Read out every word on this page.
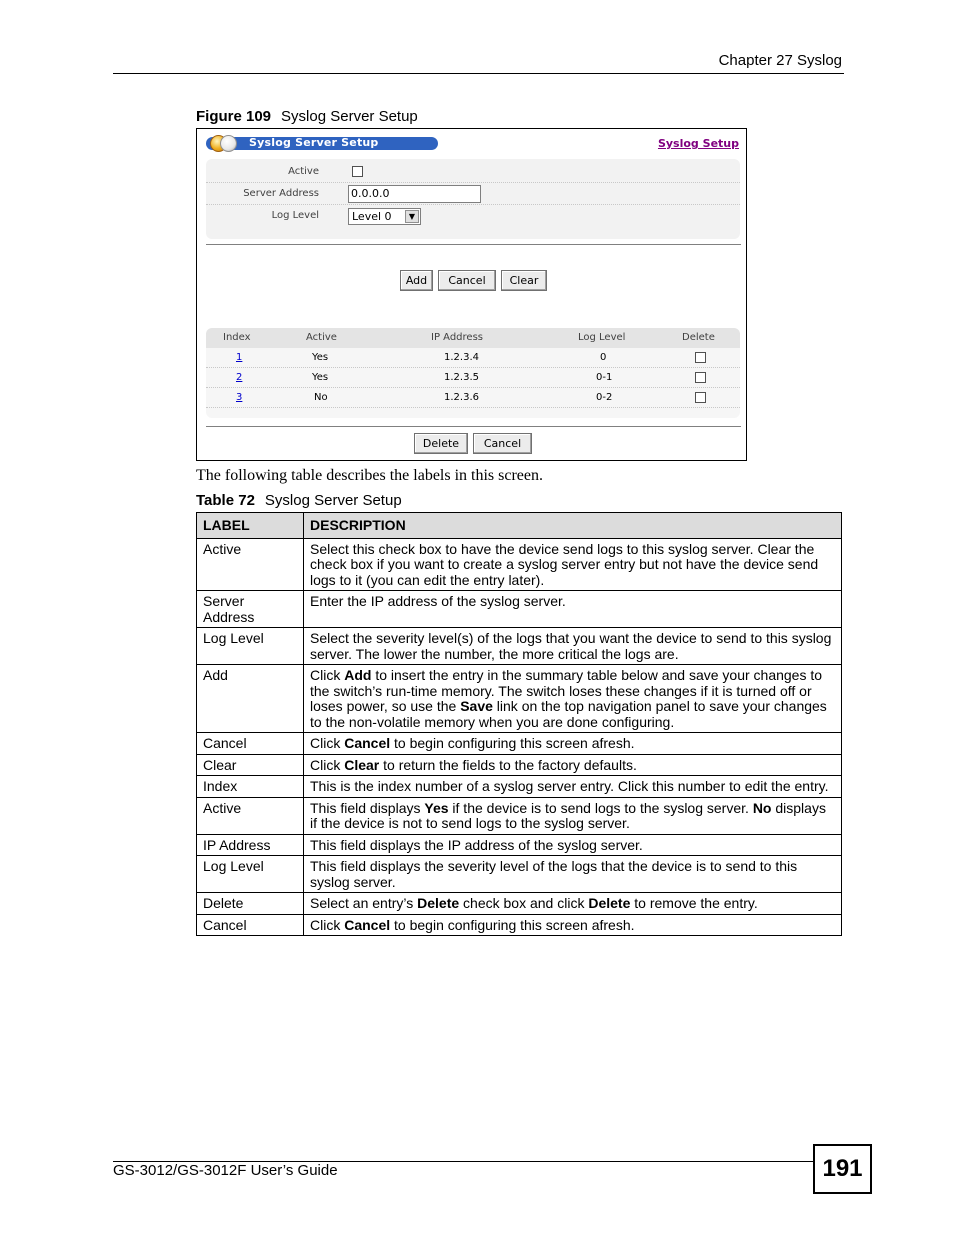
Chapter 27 Syslog
Figure 109 Syslog Server Setup
Syslog Server Setup	Syslog Setup
Active
Server Address	0.0.0.0
Log Level	Level 0	▼
Add	Cancel	Clear
Index	Active	IP Address	Log Level	Delete
1	Yes	1.2.3.4	0
2	Yes	1.2.3.5	0-1
3	No	1.2.3.6	0-2
Delete	Cancel
The following table describes the labels in this screen.
Table 72 Syslog Server Setup
LABEL	DESCRIPTION
Active	Select this check box to have the device send logs to this syslog server. Clear the check box if you want to create a syslog server entry but not have the device send logs to it (you can edit the entry later).
Server Address	Enter the IP address of the syslog server.
Log Level	Select the severity level(s) of the logs that you want the device to send to this syslog server. The lower the number, the more critical the logs are.
Add	Click Add to insert the entry in the summary table below and save your changes to the switch’s run-time memory. The switch loses these changes if it is turned off or loses power, so use the Save link on the top navigation panel to save your changes to the non-volatile memory when you are done configuring.
Cancel	Click Cancel to begin configuring this screen afresh.
Clear	Click Clear to return the fields to the factory defaults.
Index	This is the index number of a syslog server entry. Click this number to edit the entry.
Active	This field displays Yes if the device is to send logs to the syslog server. No displays if the device is not to send logs to the syslog server.
IP Address	This field displays the IP address of the syslog server.
Log Level	This field displays the severity level of the logs that the device is to send to this syslog server.
Delete	Select an entry’s Delete check box and click Delete to remove the entry.
Cancel	Click Cancel to begin configuring this screen afresh.
GS-3012/GS-3012F User’s Guide	191
